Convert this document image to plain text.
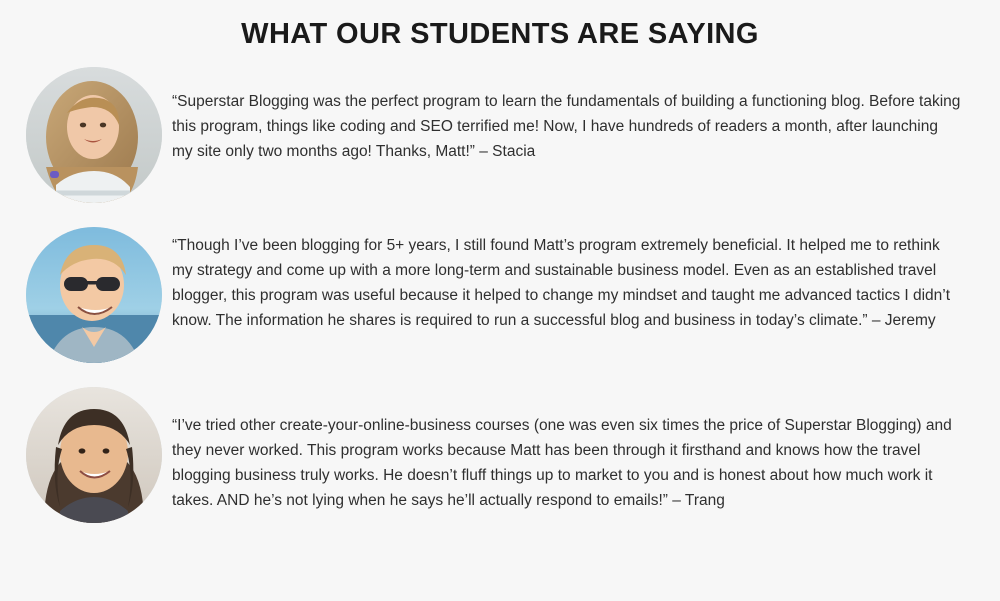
WHAT OUR STUDENTS ARE SAYING
“Superstar Blogging was the perfect program to learn the fundamentals of building a functioning blog. Before taking this program, things like coding and SEO terrified me! Now, I have hundreds of readers a month, after launching my site only two months ago! Thanks, Matt!” – Stacia
“Though I’ve been blogging for 5+ years, I still found Matt’s program extremely beneficial. It helped me to rethink my strategy and come up with a more long-term and sustainable business model. Even as an established travel blogger, this program was useful because it helped to change my mindset and taught me advanced tactics I didn’t know. The information he shares is required to run a successful blog and business in today’s climate.” – Jeremy
“I’ve tried other create-your-online-business courses (one was even six times the price of Superstar Blogging) and they never worked. This program works because Matt has been through it firsthand and knows how the travel blogging business truly works. He doesn’t fluff things up to market to you and is honest about how much work it takes. AND he’s not lying when he says he’ll actually respond to emails!” – Trang
